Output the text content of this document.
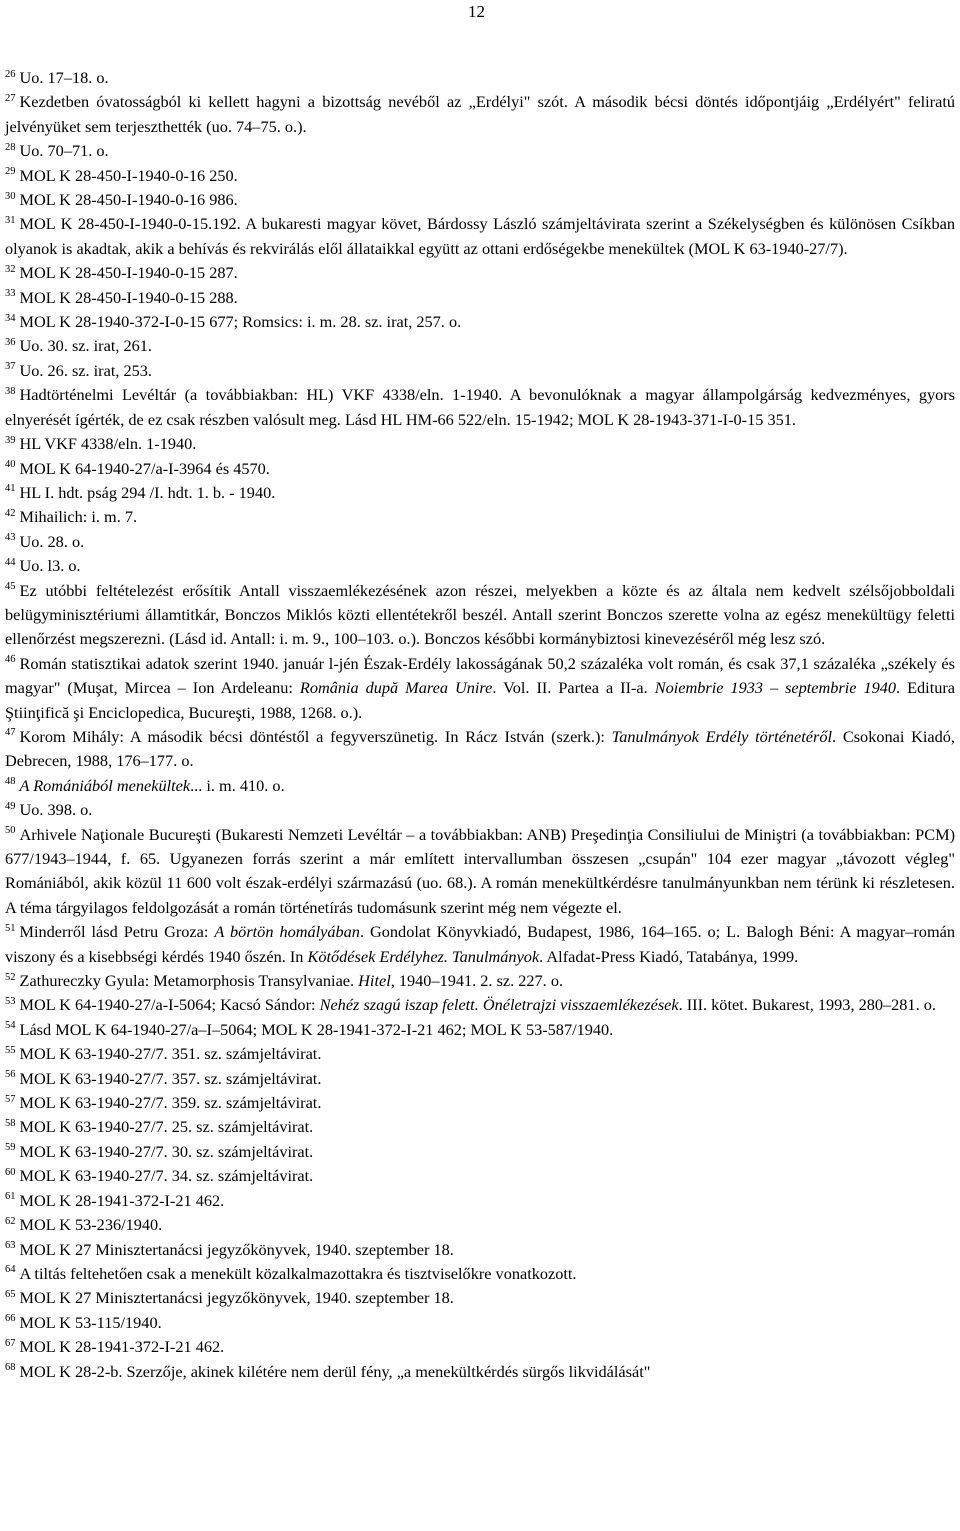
12

$^{26}$ Uo. 17–18. o.

$^{27}$ Kezdetben óvatosságból ki kellett hagyni a bizottság nevéből az „Erdélyi" szót. A második bécsi döntés időpontjáig „Erdélyért" feliratú jelvényüket sem terjeszthették (uo. 74–75. o.).

$^{28}$ Uo. 70–71. o.

$^{29}$ MOL K 28-450-I-1940-0-16 250.

$^{30}$ MOL K 28-450-I-1940-0-16 986.

$^{31}$ MOL K 28-450-I-1940-0-15.192. A bukaresti magyar követ, Bárdossy László számjeltávirata szerint a Székelységben és különösen Csíkban olyanok is akadtak, akik a behívás és rekvirálás elől állataikkal együtt az ottani erdőségekbe menekültek (MOL K 63-1940-27/7).

$^{32}$ MOL K 28-450-I-1940-0-15 287.

$^{33}$ MOL K 28-450-I-1940-0-15 288.

$^{34}$ MOL K 28-1940-372-I-0-15 677; Romsics: i. m. 28. sz. irat, 257. o.

$^{36}$ Uo. 30. sz. irat, 261.

$^{37}$ Uo. 26. sz. irat, 253.

$^{38}$ Hadtörténelmi Levéltár (a továbbiakban: HL) VKF 4338/eln. 1-1940. A bevonulóknak a magyar állampolgárság kedvezményes, gyors elnyerését ígérték, de ez csak részben valósult meg. Lásd HL HM-66 522/eln. 15-1942; MOL K 28-1943-371-I-0-15 351.

$^{39}$ HL VKF 4338/eln. 1-1940.

$^{40}$ MOL K 64-1940-27/a-I-3964 és 4570.

$^{41}$ HL I. hdt. pság 294 /I. hdt. 1. b. - 1940.

$^{42}$ Mihailich: i. m. 7.

$^{43}$ Uo. 28. o.

$^{44}$ Uo. l3. o.

$^{45}$ Ez utóbbi feltételezést erősítik Antall visszaemlékezésének azon részei, melyekben a közte és az általa nem kedvelt szélsőjobboldali belügyminisztériumi államtitkár, Bonczos Miklós közti ellentétekről beszél. Antall szerint Bonczos szerette volna az egész menekültügy feletti ellenőrzést megszerezni. (Lásd id. Antall: i. m. 9., 100–103. o.). Bonczos későbbi kormánybiztosi kinevezéséről még lesz szó.

$^{46}$ Román statisztikai adatok szerint 1940. január l-jén Észak-Erdély lakosságának 50,2 százaléka volt román, és csak 37,1 százaléka „székely és magyar" (Muşat, Mircea – Ion Ardeleanu: România după Marea Unire. Vol. II. Partea a II-a. Noiembrie 1933 – septembrie 1940. Editura Ştiinţifică şi Enciclopedica, Bucureşti, 1988, 1268. o.).

$^{47}$ Korom Mihály: A második bécsi döntéstől a fegyverszünetig. In Rácz István (szerk.): Tanulmányok Erdély történetéről. Csokonai Kiadó, Debrecen, 1988, 176–177. o.

$^{48}$ A Romániából menekültek... i. m. 410. o.

$^{49}$ Uo. 398. o.

$^{50}$ Arhivele Naţionale Bucureşti (Bukaresti Nemzeti Levéltár – a továbbiakban: ANB) Preşedinţia Consiliului de Miniştri (a továbbiakban: PCM) 677/1943–1944, f. 65. Ugyanezen forrás szerint a már említett intervallumban összesen „csupán" 104 ezer magyar „távozott végleg" Romániából, akik közül 11 600 volt észak-erdélyi származású (uo. 68.). A román menekültkérdésre tanulmányunkban nem térünk ki részletesen. A téma tárgyilagos feldolgozását a román történetírás tudomásunk szerint még nem végezte el.

$^{51}$ Minderről lásd Petru Groza: A börtön homályában. Gondolat Könyvkiadó, Budapest, 1986, 164–165. o; L. Balogh Béni: A magyar–román viszony és a kisebbségi kérdés 1940 őszén. In Kötődések Erdélyhez. Tanulmányok. Alfadat-Press Kiadó, Tatabánya, 1999.

$^{52}$ Zathureczky Gyula: Metamorphosis Transylvaniae. Hitel, 1940–1941. 2. sz. 227. o.

$^{53}$ MOL K 64-1940-27/a-I-5064; Kacsó Sándor: Nehéz szagú iszap felett. Önéletrajzi visszaemlékezések. III. kötet. Bukarest, 1993, 280–281. o.

$^{54}$ Lásd MOL K 64-1940-27/a–I–5064; MOL K 28-1941-372-I-21 462; MOL K 53-587/1940.

$^{55}$ MOL K 63-1940-27/7. 351. sz. számjeltávirat.

$^{56}$ MOL K 63-1940-27/7. 357. sz. számjeltávirat.

$^{57}$ MOL K 63-1940-27/7. 359. sz. számjeltávirat.

$^{58}$ MOL K 63-1940-27/7. 25. sz. számjeltávirat.

$^{59}$ MOL K 63-1940-27/7. 30. sz. számjeltávirat.

$^{60}$ MOL K 63-1940-27/7. 34. sz. számjeltávirat.

$^{61}$ MOL K 28-1941-372-I-21 462.

$^{62}$ MOL K 53-236/1940.

$^{63}$ MOL K 27 Minisztertanácsi jegyzőkönyvek, 1940. szeptember 18.

$^{64}$ A tiltás feltehetően csak a menekült közalkalmazottakra és tisztviselőkre vonatkozott.

$^{65}$ MOL K 27 Minisztertanácsi jegyzőkönyvek, 1940. szeptember 18.

$^{66}$ MOL K 53-115/1940.

$^{67}$ MOL K 28-1941-372-I-21 462.

$^{68}$ MOL K 28-2-b. Szerzője, akinek kilétére nem derül fény, „a menekültkérdés sürgős likvidálását"
